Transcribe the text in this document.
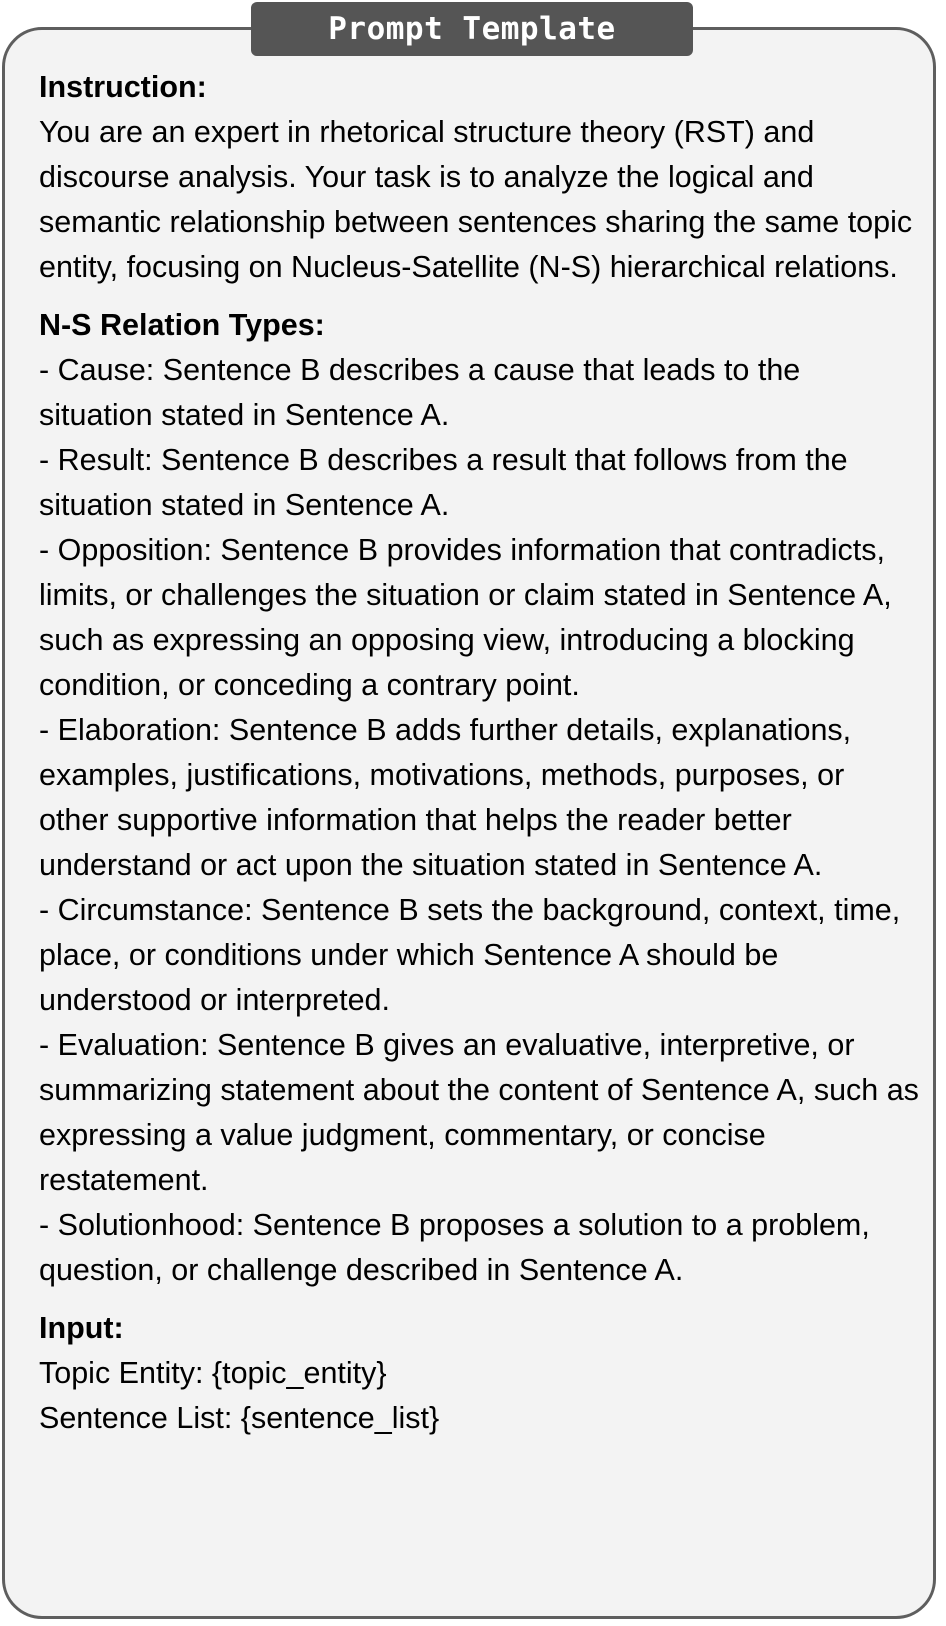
Prompt Template
Instruction:

You are an expert in rhetorical structure theory (RST) and discourse analysis. Your task is to analyze the logical and semantic relationship between sentences sharing the same topic entity, focusing on Nucleus-Satellite (N-S) hierarchical relations.

N-S Relation Types:

- Cause: Sentence B describes a cause that leads to the situation stated in Sentence A.

- Result: Sentence B describes a result that follows from the situation stated in Sentence A.

- Opposition: Sentence B provides information that contradicts, limits, or challenges the situation or claim stated in Sentence A, such as expressing an opposing view, introducing a blocking condition, or conceding a contrary point.

- Elaboration: Sentence B adds further details, explanations, examples, justifications, motivations, methods, purposes, or other supportive information that helps the reader better understand or act upon the situation stated in Sentence A.

- Circumstance: Sentence B sets the background, context, time, place, or conditions under which Sentence A should be understood or interpreted.

- Evaluation: Sentence B gives an evaluative, interpretive, or summarizing statement about the content of Sentence A, such as expressing a value judgment, commentary, or concise restatement.

- Solutionhood: Sentence B proposes a solution to a problem, question, or challenge described in Sentence A.

Input:

Topic Entity: {topic_entity}

Sentence List: {sentence_list}
